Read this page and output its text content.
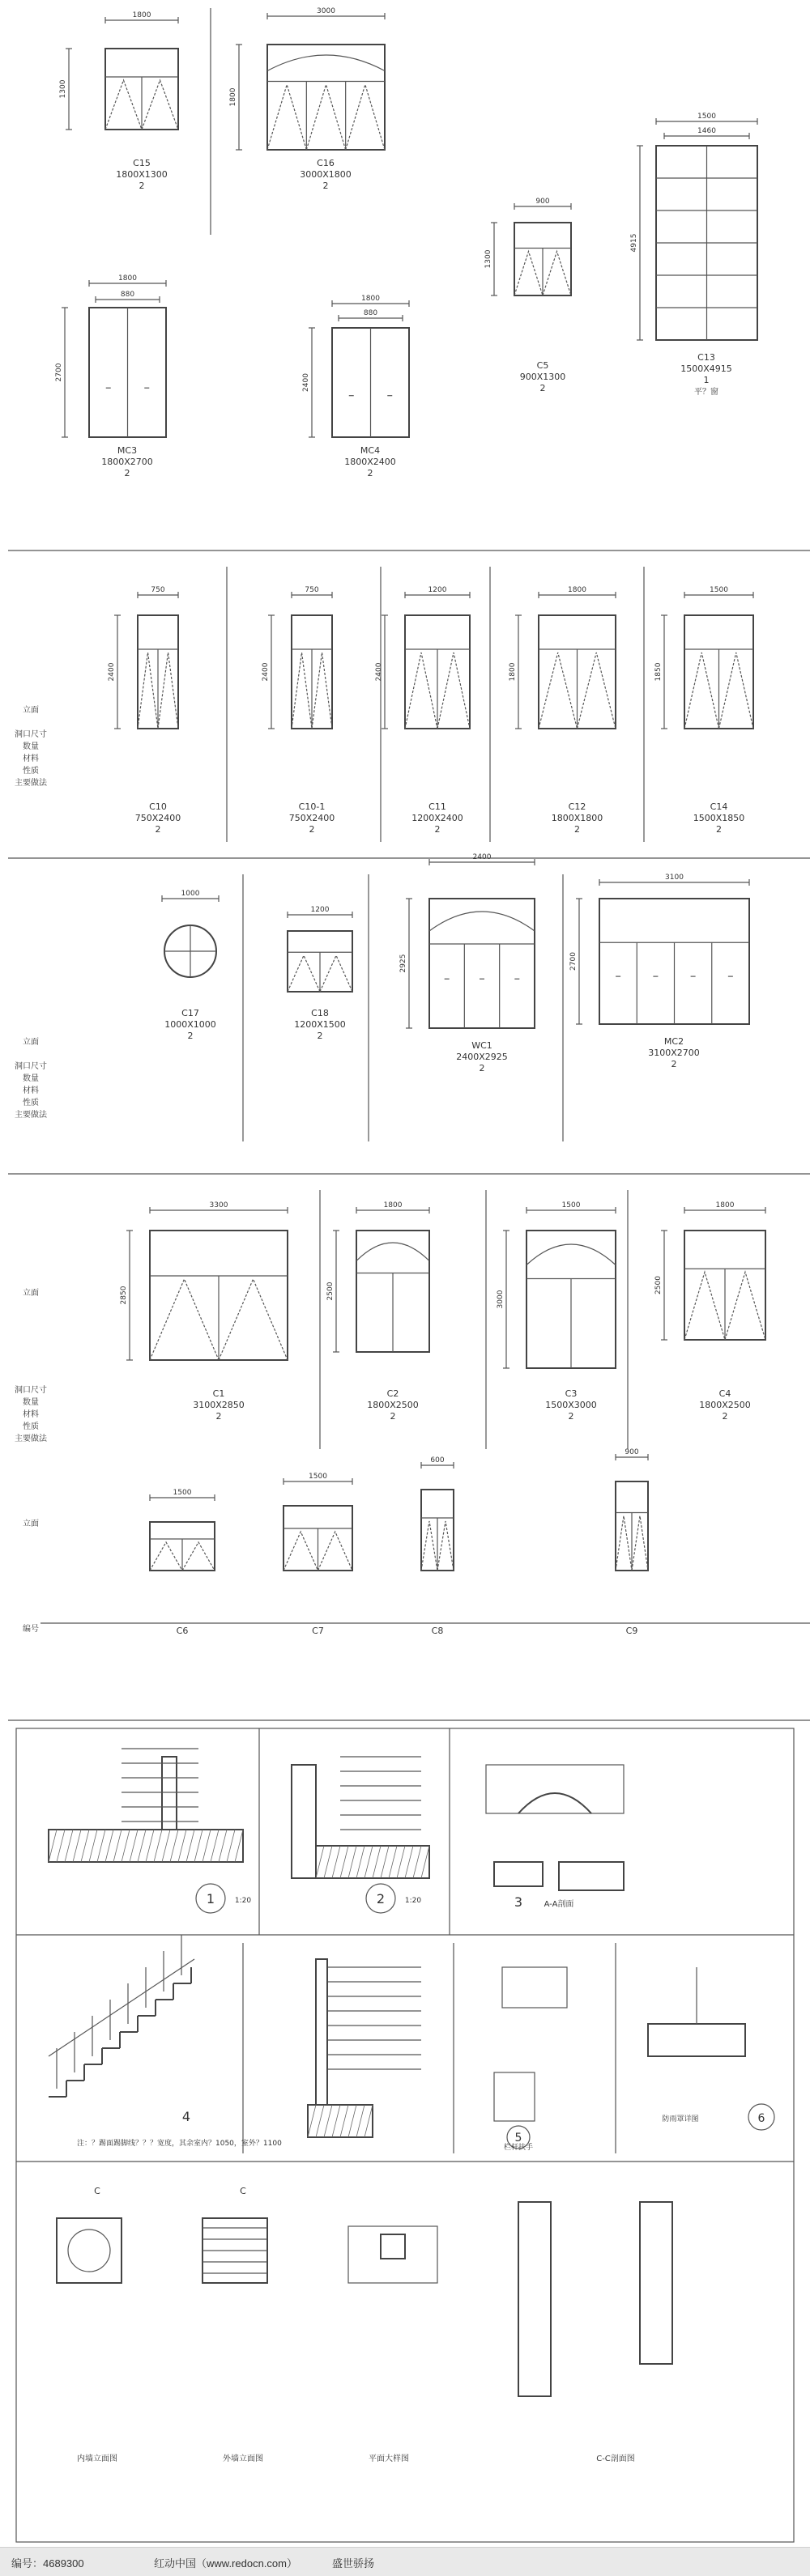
1800
1300
C15
1800X1300
2
3000
1800
C16
3000X1800
2
1500
1460
4915
C13
1500X4915
1
平？窗
900
1300
C5
900X1300
2
1800
880
2700
MC3
1800X2700
2
1800
880
2400
MC4
1800X2400
2
立面
洞口尺寸
数量
材料
性质
主要做法
750
2400
C10
750X2400
2
750
2400
C10-1
750X2400
2
1200
2400
C11
1200X2400
2
1800
1800
C12
1800X1800
2
1500
1850
C14
1500X1850
2
立面
洞口尺寸
数量
材料
性质
主要做法
1000
C17
1000X1000
2
1200
C18
1200X1500
2
2400
2925
WC1
2400X2925
2
3100
2700
MC2
3100X2700
2
立面
洞口尺寸
数量
材料
性质
主要做法
3300
2850
C1
3100X2850
2
1800
2500
C2
1800X2500
2
1500
3000
C3
1500X3000
2
1800
2500
C4
1800X2500
2
立面
编号
1500
C6
1500
C7
600
C8
900
C9
1	1:20	2	1:20	3	A-A剖面
4
注：？踢面踢脚线？？？宽度，其余室内？1050，室外？1100	5
栏杆扶手
6
防雨罩详图
内墙立面图	外墙立面图	平面大样图	C-C剖面图
C	C
编号：4689300	红动中国（www.redocn.com）	盛世骄扬
